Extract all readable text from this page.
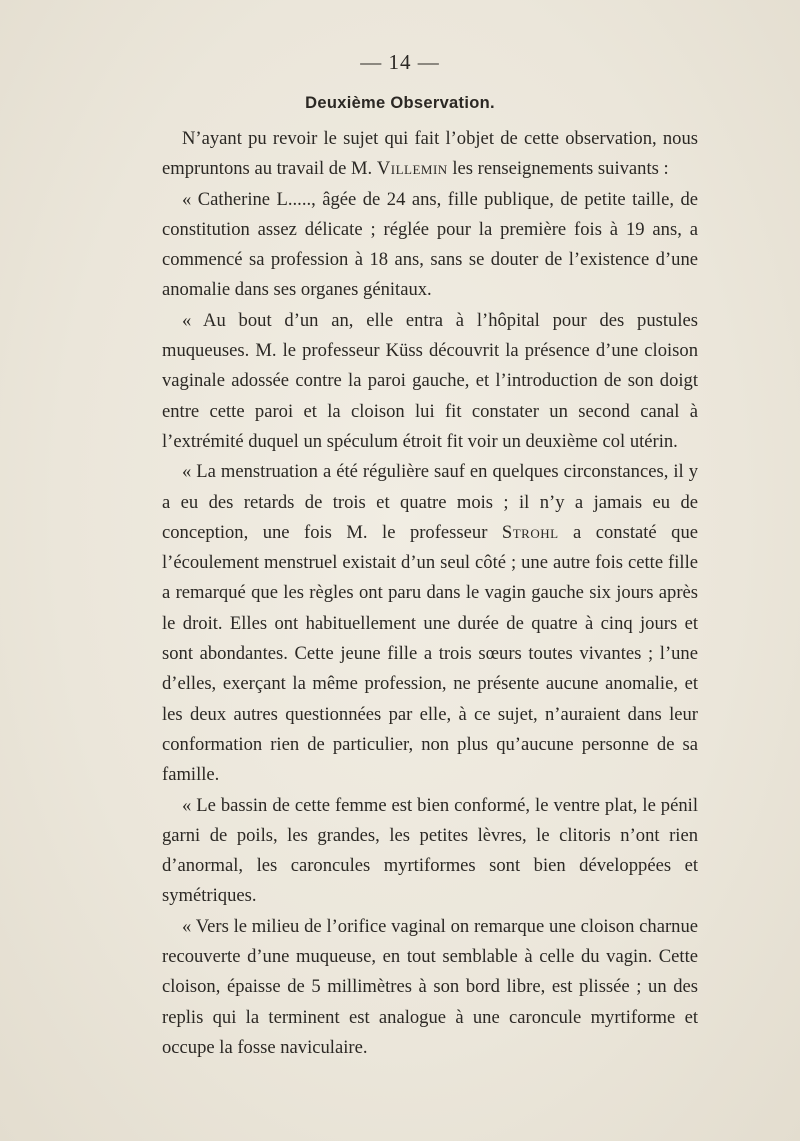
— 14 —
Deuxième Observation.

N’ayant pu revoir le sujet qui fait l’objet de cette observation, nous empruntons au travail de M. Villemin les renseignements suivants :

« Catherine L....., âgée de 24 ans, fille publique, de petite taille, de constitution assez délicate ; réglée pour la première fois à 19 ans, a commencé sa profession à 18 ans, sans se douter de l’existence d’une anomalie dans ses organes génitaux.

« Au bout d’un an, elle entra à l’hôpital pour des pustules muqueuses. M. le professeur Küss découvrit la présence d’une cloison vaginale adossée contre la paroi gauche, et l’introduction de son doigt entre cette paroi et la cloison lui fit constater un second canal à l’extrémité duquel un spéculum étroit fit voir un deuxième col utérin.

« La menstruation a été régulière sauf en quelques circonstances, il y a eu des retards de trois et quatre mois ; il n’y a jamais eu de conception, une fois M. le professeur Strohl a constaté que l’écoulement menstruel existait d’un seul côté ; une autre fois cette fille a remarqué que les règles ont paru dans le vagin gauche six jours après le droit. Elles ont habituellement une durée de quatre à cinq jours et sont abondantes. Cette jeune fille a trois sœurs toutes vivantes ; l’une d’elles, exerçant la même profession, ne présente aucune anomalie, et les deux autres questionnées par elle, à ce sujet, n’auraient dans leur conformation rien de particulier, non plus qu’aucune personne de sa famille.

« Le bassin de cette femme est bien conformé, le ventre plat, le pénil garni de poils, les grandes, les petites lèvres, le clitoris n’ont rien d’anormal, les caroncules myrtiformes sont bien développées et symétriques.

« Vers le milieu de l’orifice vaginal on remarque une cloison charnue recouverte d’une muqueuse, en tout semblable à celle du vagin. Cette cloison, épaisse de 5 millimètres à son bord libre, est plissée ; un des replis qui la terminent est analogue à une caroncule myrtiforme et occupe la fosse naviculaire.
